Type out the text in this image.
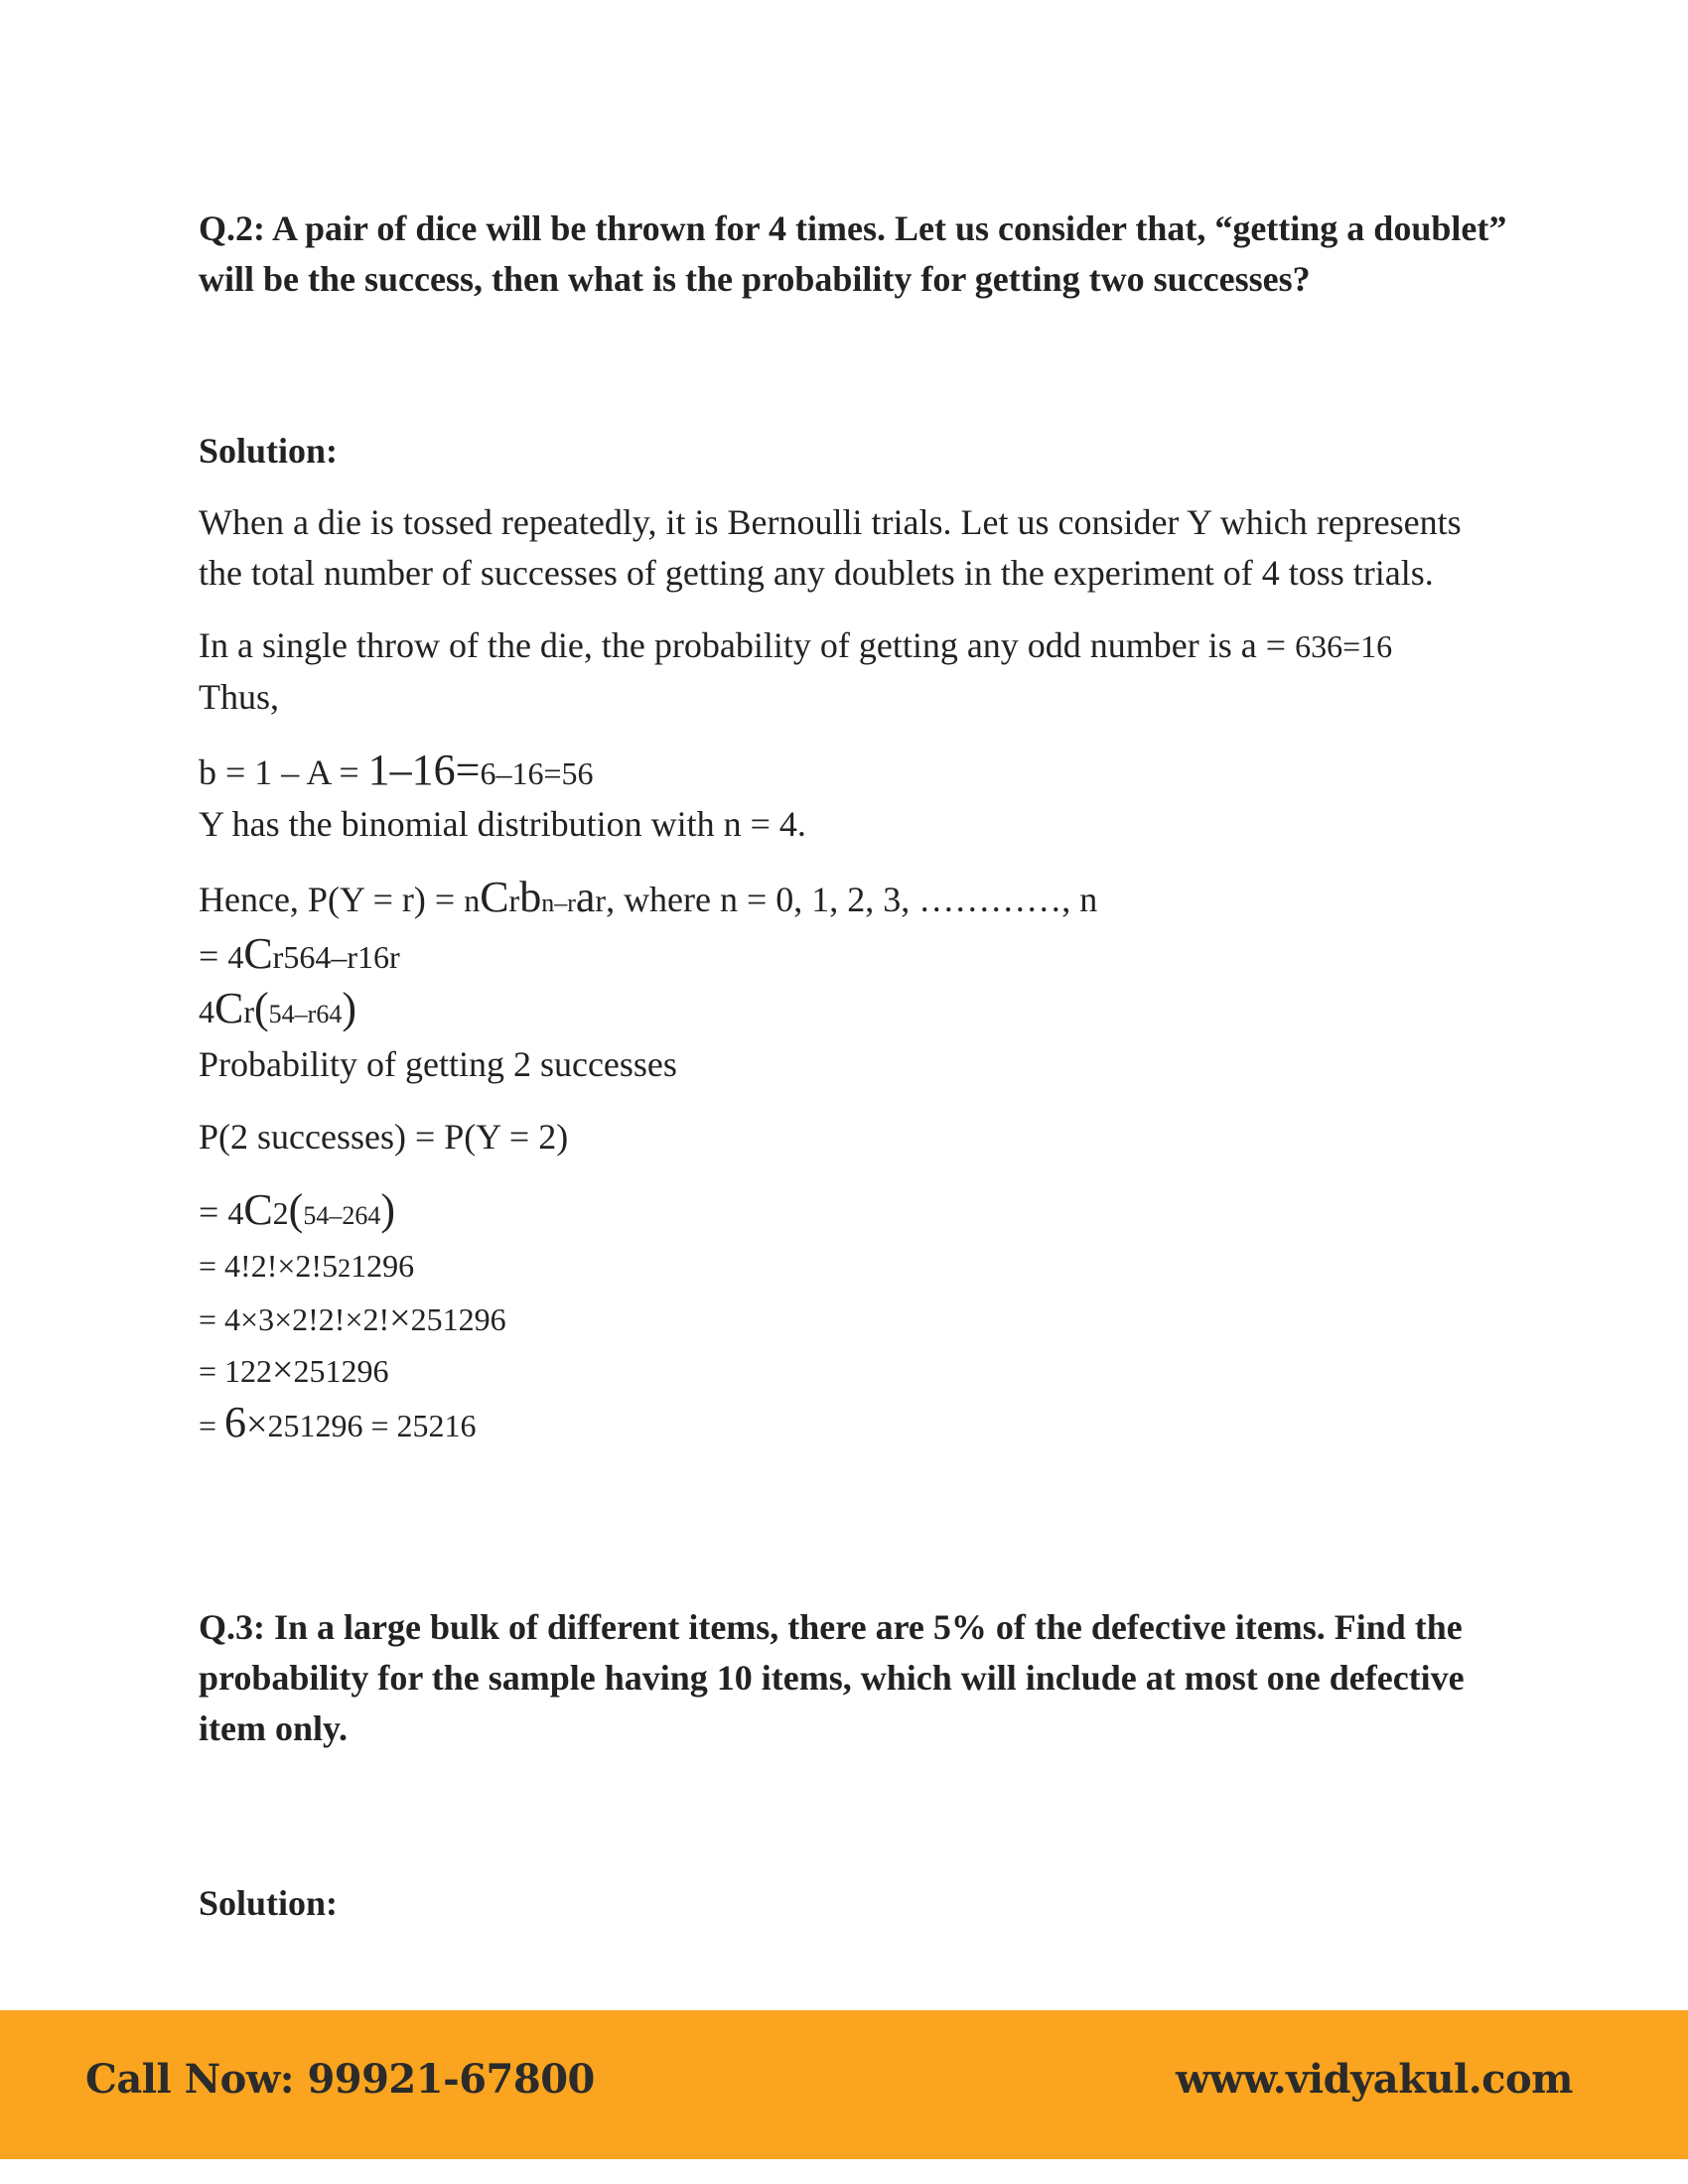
Q.2: A pair of dice will be thrown for 4 times. Let us consider that, “getting a doublet” will be the success, then what is the probability for getting two successes?

Solution:

When a die is tossed repeatedly, it is Bernoulli trials. Let us consider Y which represents the total number of successes of getting any doublets in the experiment of 4 toss trials.

In a single throw of the die, the probability of getting any odd number is a = 636=16
Thus,

b = 1 – A = 1–16=6–16=56

Y has the binomial distribution with n = 4.

Hence, P(Y = r) = nCrbn–rar, where n = 0, 1, 2, 3, …………, n

= 4Cr564–r16r

4Cr(54–r64)

Probability of getting 2 successes

P(2 successes) = P(Y = 2)

= 4C2(54–264)

= 4!2!×2!521296

= 4×3×2!2!×2!×251296

= 122×251296

= 6×251296 = 25216

Q.3: In a large bulk of different items, there are 5% of the defective items. Find the probability for the sample having 10 items, which will include at most one defective item only.

Solution:

Call Now: 99921-67800	www.vidyakul.com
